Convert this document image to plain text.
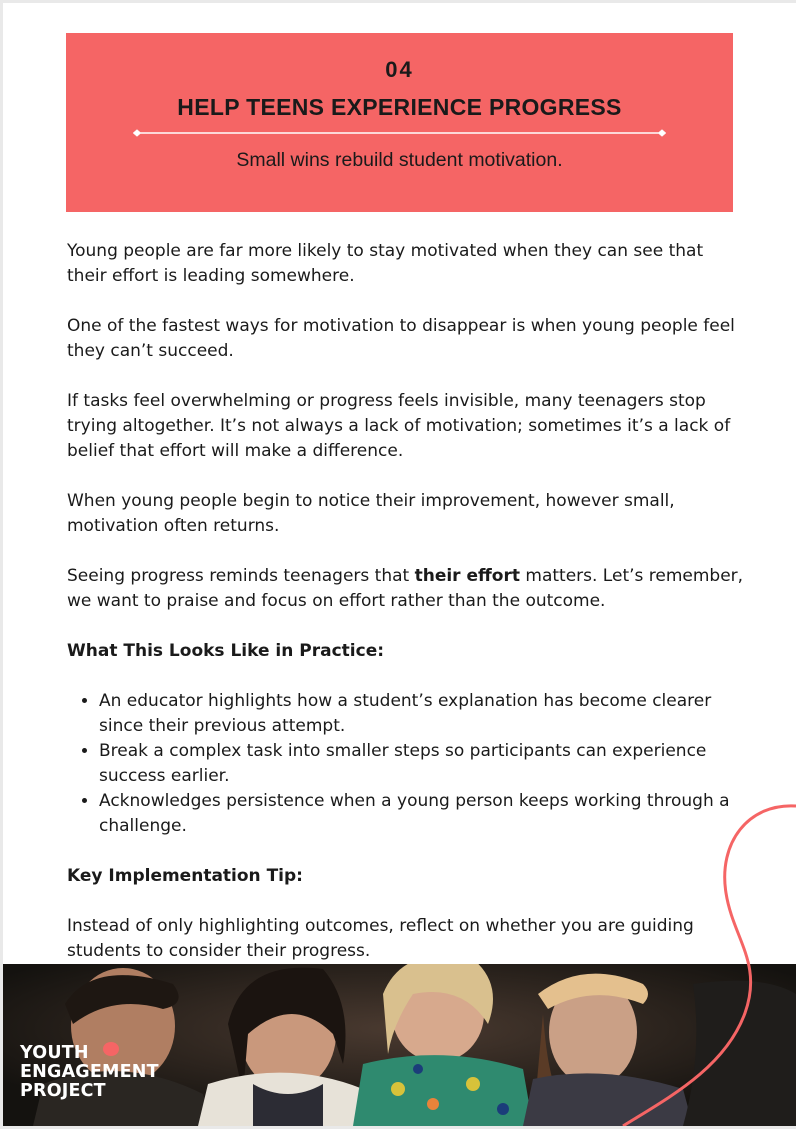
04
HELP TEENS EXPERIENCE PROGRESS
Small wins rebuild student motivation.

Young people are far more likely to stay motivated when they can see that their effort is leading somewhere.

One of the fastest ways for motivation to disappear is when young people feel they can’t succeed.

If tasks feel overwhelming or progress feels invisible, many teenagers stop trying altogether. It’s not always a lack of motivation; sometimes it’s a lack of belief that effort will make a difference.

When young people begin to notice their improvement, however small, motivation often returns.

Seeing progress reminds teenagers that their effort matters. Let’s remember, we want to praise and focus on effort rather than the outcome.

What This Looks Like in Practice:

• An educator highlights how a student’s explanation has become clearer since their previous attempt.
• Break a complex task into smaller steps so participants can experience success earlier.
• Acknowledges persistence when a young person keeps working through a challenge.

Key Implementation Tip:

Instead of only highlighting outcomes, reflect on whether you are guiding students to consider their progress.

YOUTH
ENGAGEMENT
PROJECT
